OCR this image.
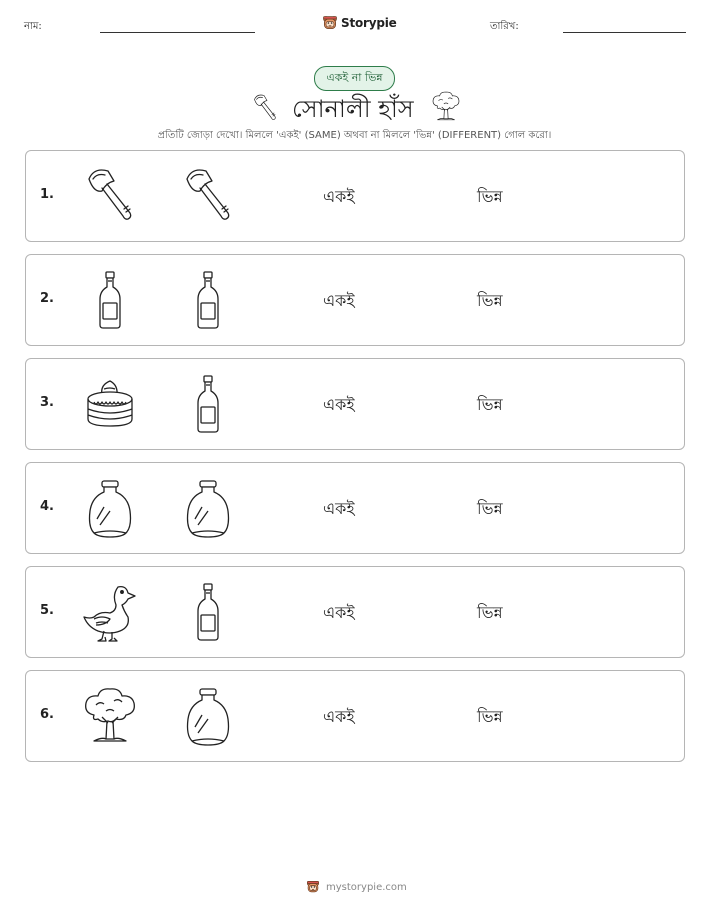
নাম:	Storypie	তারিখ:
একই না ভিন্ন
সোনালী হাঁস
প্রতিটি জোড়া দেখো। মিললে 'একই' (SAME) অথবা না মিললে 'ভিন্ন' (DIFFERENT) গোল করো।
1.	একই	ভিন্ন
2.	একই	ভিন্ন
3.	একই	ভিন্ন
4.	একই	ভিন্ন
5.	একই	ভিন্ন
6.	একই	ভিন্ন
mystorypie.com
